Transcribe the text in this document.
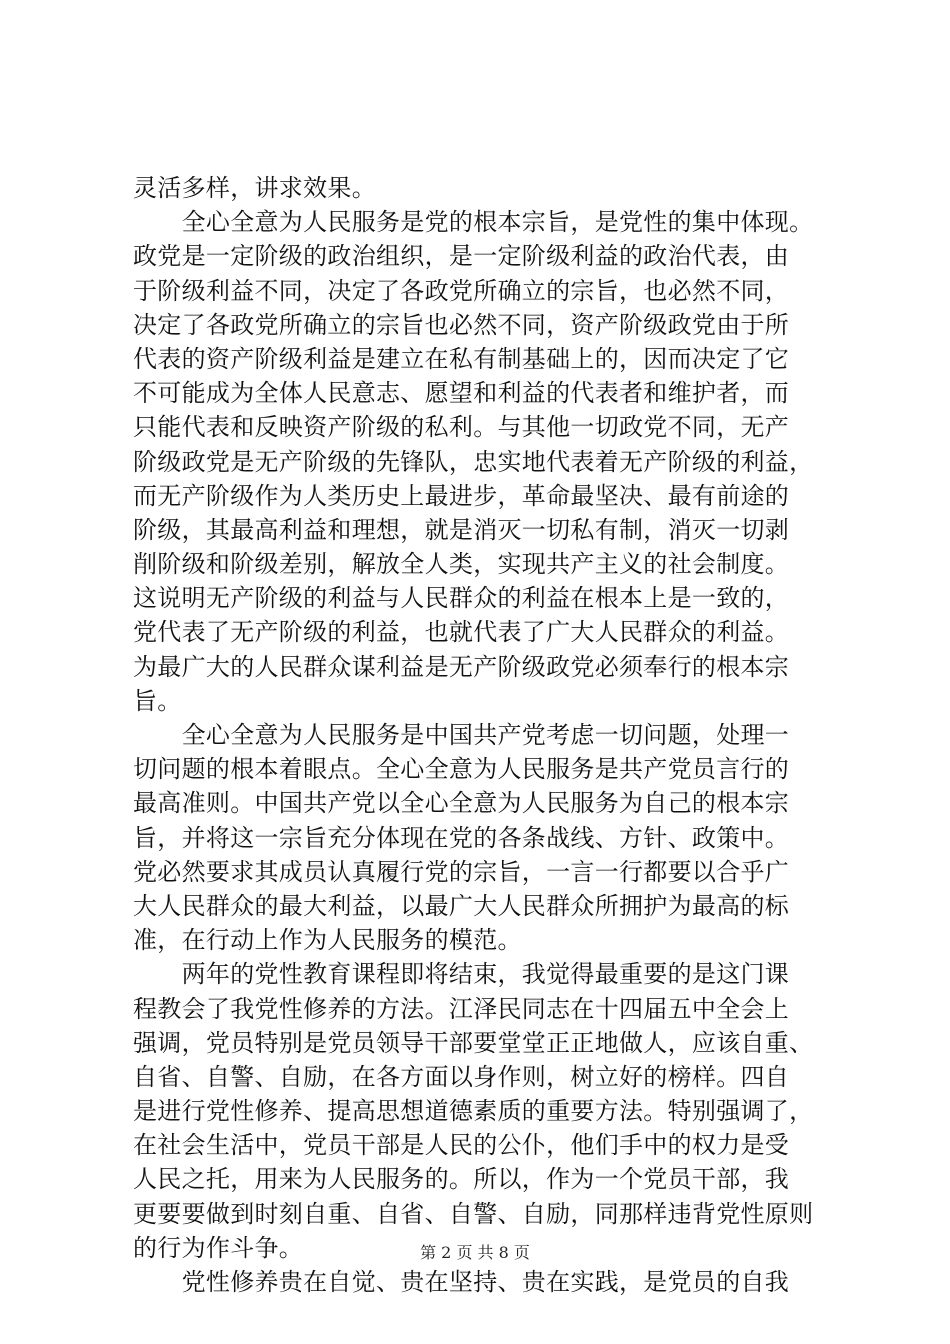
灵活多样，讲求效果。
　　全心全意为人民服务是党的根本宗旨，是党性的集中体现。
政党是一定阶级的政治组织，是一定阶级利益的政治代表，由
于阶级利益不同，决定了各政党所确立的宗旨，也必然不同，
决定了各政党所确立的宗旨也必然不同，资产阶级政党由于所
代表的资产阶级利益是建立在私有制基础上的，因而决定了它
不可能成为全体人民意志、愿望和利益的代表者和维护者，而
只能代表和反映资产阶级的私利。与其他一切政党不同，无产
阶级政党是无产阶级的先锋队，忠实地代表着无产阶级的利益，
而无产阶级作为人类历史上最进步，革命最坚决、最有前途的
阶级，其最高利益和理想，就是消灭一切私有制，消灭一切剥
削阶级和阶级差别，解放全人类，实现共产主义的社会制度。
这说明无产阶级的利益与人民群众的利益在根本上是一致的，
党代表了无产阶级的利益，也就代表了广大人民群众的利益。
为最广大的人民群众谋利益是无产阶级政党必须奉行的根本宗
旨。
　　全心全意为人民服务是中国共产党考虑一切问题，处理一
切问题的根本着眼点。全心全意为人民服务是共产党员言行的
最高准则。中国共产党以全心全意为人民服务为自己的根本宗
旨，并将这一宗旨充分体现在党的各条战线、方针、政策中。
党必然要求其成员认真履行党的宗旨，一言一行都要以合乎广
大人民群众的最大利益，以最广大人民群众所拥护为最高的标
准，在行动上作为人民服务的模范。
　　两年的党性教育课程即将结束，我觉得最重要的是这门课
程教会了我党性修养的方法。江泽民同志在十四届五中全会上
强调，党员特别是党员领导干部要堂堂正正地做人，应该自重、
自省、自警、自励，在各方面以身作则，树立好的榜样。四自
是进行党性修养、提高思想道德素质的重要方法。特别强调了，
在社会生活中，党员干部是人民的公仆，他们手中的权力是受
人民之托，用来为人民服务的。所以，作为一个党员干部，我
更要要做到时刻自重、自省、自警、自励，同那样违背党性原则
的行为作斗争。
　　党性修养贵在自觉、贵在坚持、贵在实践，是党员的自我
第 2 页 共 8 页
